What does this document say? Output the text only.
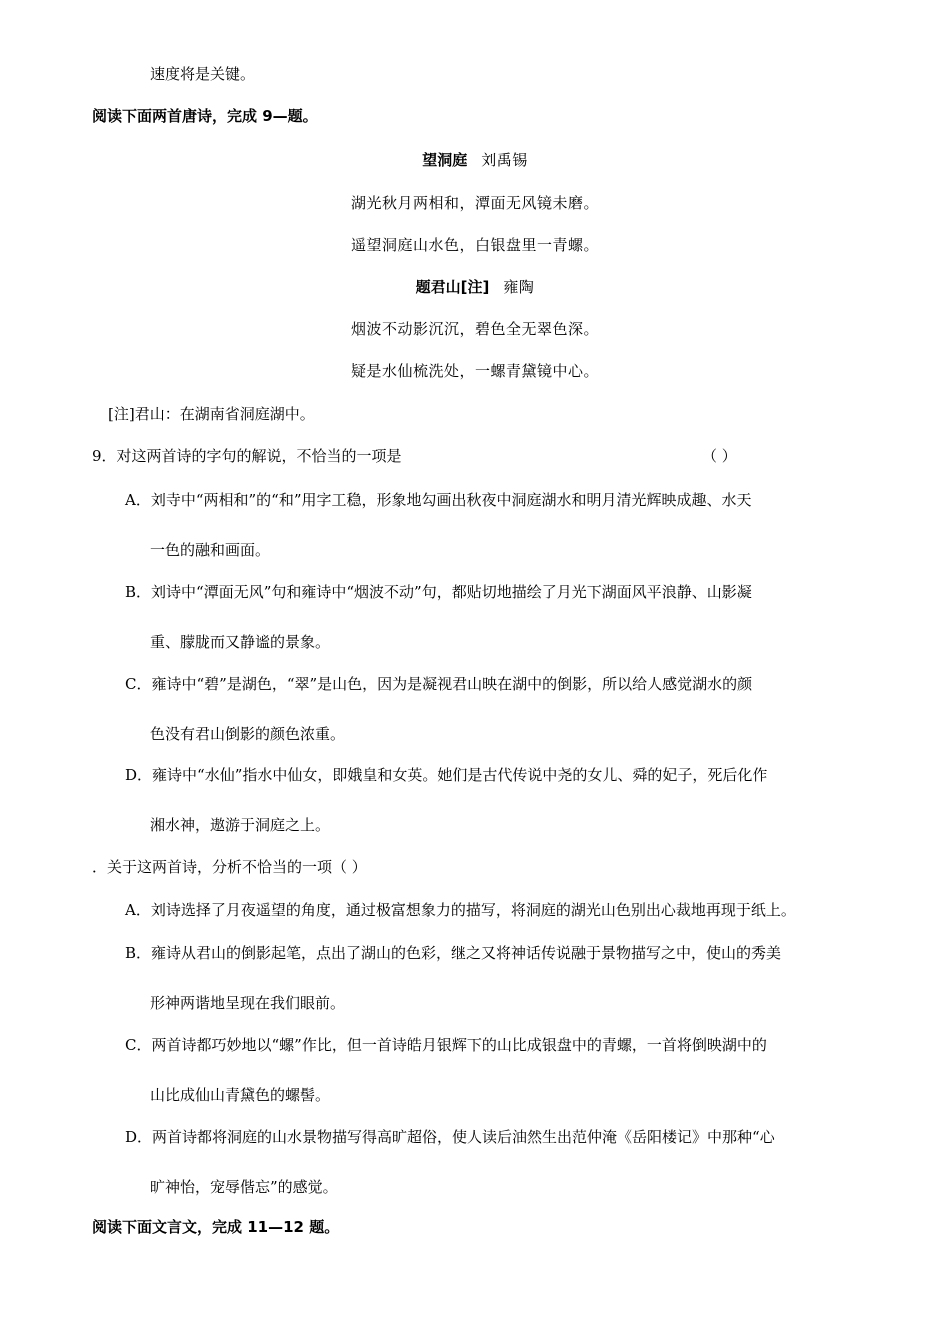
速度将是关键。
阅读下面两首唐诗，完成 9—题。
望洞庭 刘禹锡
湖光秋月两相和，潭面无风镜未磨。
遥望洞庭山水色，白银盘里一青螺。
题君山[注] 雍陶
烟波不动影沉沉，碧色全无翠色深。
疑是水仙梳洗处，一螺青黛镜中心。
[注]君山：在湖南省洞庭湖中。
9．对这两首诗的字句的解说，不恰当的一项是	（ ）
A．刘寺中“两相和”的“和”用字工稳，形象地勾画出秋夜中洞庭湖水和明月清光辉映成趣、水天
一色的融和画面。
B．刘诗中“潭面无风”句和雍诗中“烟波不动”句，都贴切地描绘了月光下湖面风平浪静、山影凝
重、朦胧而又静谧的景象。
C．雍诗中“碧”是湖色，“翠”是山色，因为是凝视君山映在湖中的倒影，所以给人感觉湖水的颜
色没有君山倒影的颜色浓重。
D．雍诗中“水仙”指水中仙女，即娥皇和女英。她们是古代传说中尧的女儿、舜的妃子，死后化作
湘水神，遨游于洞庭之上。
．关于这两首诗，分析不恰当的一项（ ）
A．刘诗选择了月夜遥望的角度，通过极富想象力的描写，将洞庭的湖光山色别出心裁地再现于纸上。
B．雍诗从君山的倒影起笔，点出了湖山的色彩，继之又将神话传说融于景物描写之中，使山的秀美
形神两谐地呈现在我们眼前。
C．两首诗都巧妙地以“螺”作比，但一首诗皓月银辉下的山比成银盘中的青螺，一首将倒映湖中的
山比成仙山青黛色的螺髻。
D．两首诗都将洞庭的山水景物描写得高旷超俗，使人读后油然生出范仲淹《岳阳楼记》中那种“心
旷神怡，宠辱偕忘”的感觉。
阅读下面文言文，完成 11—12 题。
